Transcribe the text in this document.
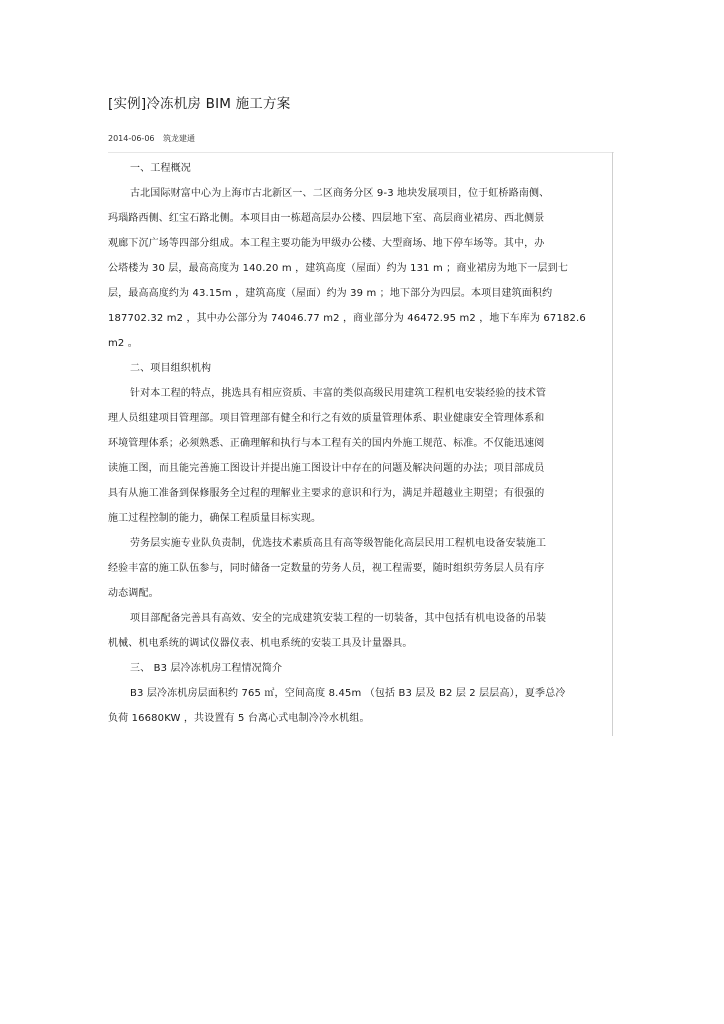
[实例]冷冻机房 BIM 施工方案
2014-06-06 筑龙建通
一、工程概况
古北国际财富中心为上海市古北新区一、二区商务分区 9-3 地块发展项目，位于虹桥路南侧、
玛瑙路西侧、红宝石路北侧。本项目由一栋超高层办公楼、四层地下室、高层商业裙房、西北侧景
观廊下沉广场等四部分组成。本工程主要功能为甲级办公楼、大型商场、地下停车场等。其中，办
公塔楼为 30 层，最高高度为 140.20 m ，建筑高度（屋面）约为 131 m ；商业裙房为地下一层到七
层，最高高度约为 43.15m ，建筑高度（屋面）约为 39 m ；地下部分为四层。本项目建筑面积约
187702.32 m2 ，其中办公部分为 74046.77 m2 ，商业部分为 46472.95 m2 ，地下车库为 67182.6
m2 。
二、项目组织机构
针对本工程的特点，挑选具有相应资质、丰富的类似高级民用建筑工程机电安装经验的技术管
理人员组建项目管理部。项目管理部有健全和行之有效的质量管理体系、职业健康安全管理体系和
环境管理体系；必须熟悉、正确理解和执行与本工程有关的国内外施工规范、标准。不仅能迅速阅
读施工图，而且能完善施工图设计并提出施工图设计中存在的问题及解决问题的办法；项目部成员
具有从施工准备到保修服务全过程的理解业主要求的意识和行为，满足并超越业主期望；有很强的
施工过程控制的能力，确保工程质量目标实现。
劳务层实施专业队负责制，优选技术素质高且有高等级智能化高层民用工程机电设备安装施工
经验丰富的施工队伍参与，同时储备一定数量的劳务人员，视工程需要，随时组织劳务层人员有序
动态调配。
项目部配备完善具有高效、安全的完成建筑安装工程的一切装备，其中包括有机电设备的吊装
机械、机电系统的调试仪器仪表、机电系统的安装工具及计量器具。
三、 B3 层冷冻机房工程情况简介
B3 层冷冻机房层面积约 765 ㎡，空间高度 8.45m （包括 B3 层及 B2 层 2 层层高），夏季总冷
负荷 16680KW ，共设置有 5 台离心式电制冷冷水机组。
